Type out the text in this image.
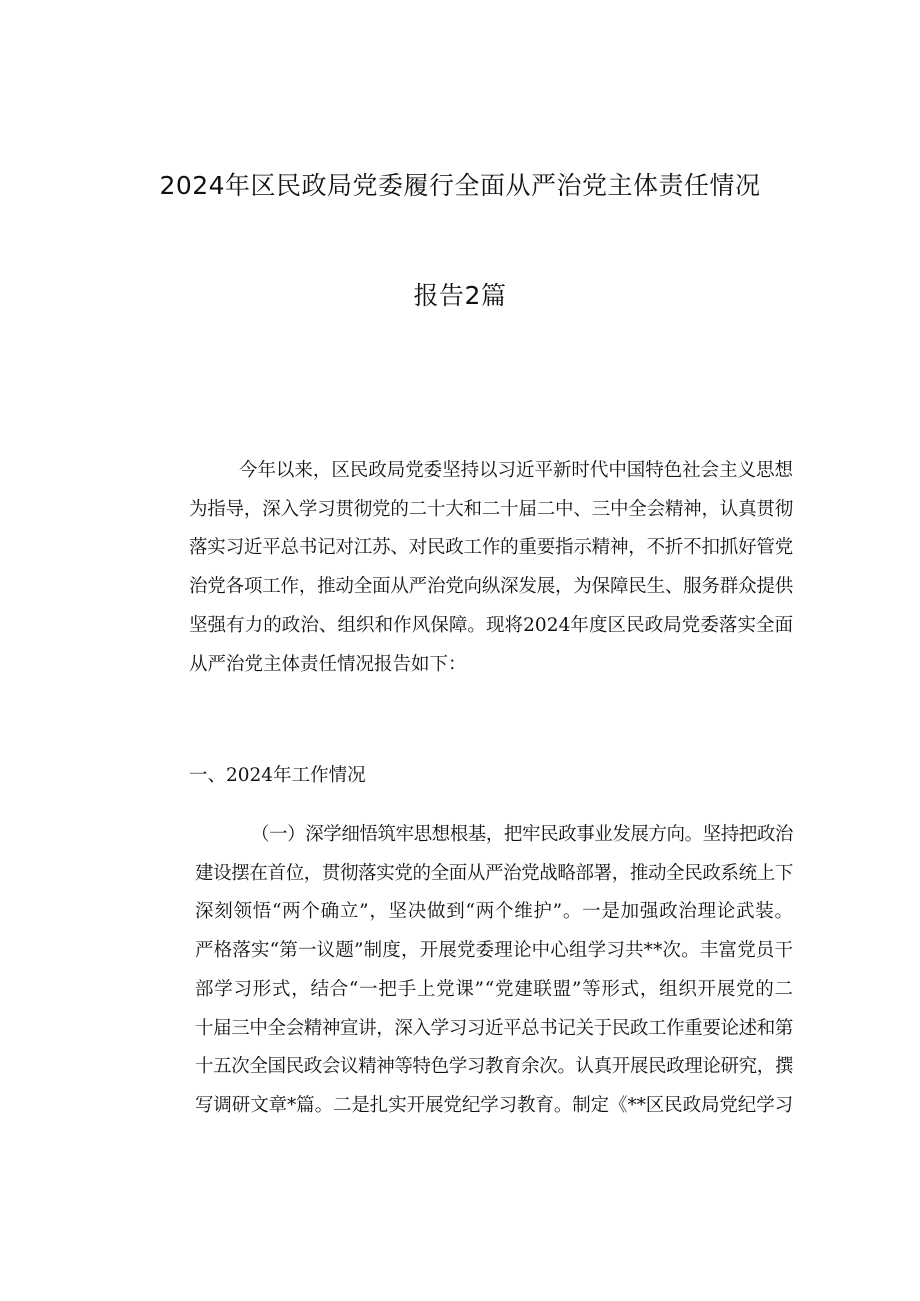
2024年区民政局党委履行全面从严治党主体责任情况
报告2篇
今年以来，区民政局党委坚持以习近平新时代中国特色社会主义思想
为指导，深入学习贯彻党的二十大和二十届二中、三中全会精神，认真贯彻
落实习近平总书记对江苏、对民政工作的重要指示精神，不折不扣抓好管党
治党各项工作，推动全面从严治党向纵深发展，为保障民生、服务群众提供
坚强有力的政治、组织和作风保障。现将2024年度区民政局党委落实全面
从严治党主体责任情况报告如下：
一、2024年工作情况
（一）深学细悟筑牢思想根基，把牢民政事业发展方向。坚持把政治
建设摆在首位，贯彻落实党的全面从严治党战略部署，推动全民政系统上下
深刻领悟“两个确立”，坚决做到“两个维护”。一是加强政治理论武装。
严格落实“第一议题”制度，开展党委理论中心组学习共**次。丰富党员干
部学习形式，结合“一把手上党课”“党建联盟”等形式，组织开展党的二
十届三中全会精神宣讲，深入学习习近平总书记关于民政工作重要论述和第
十五次全国民政会议精神等特色学习教育余次。认真开展民政理论研究，撰
写调研文章*篇。二是扎实开展党纪学习教育。制定《**区民政局党纪学习
